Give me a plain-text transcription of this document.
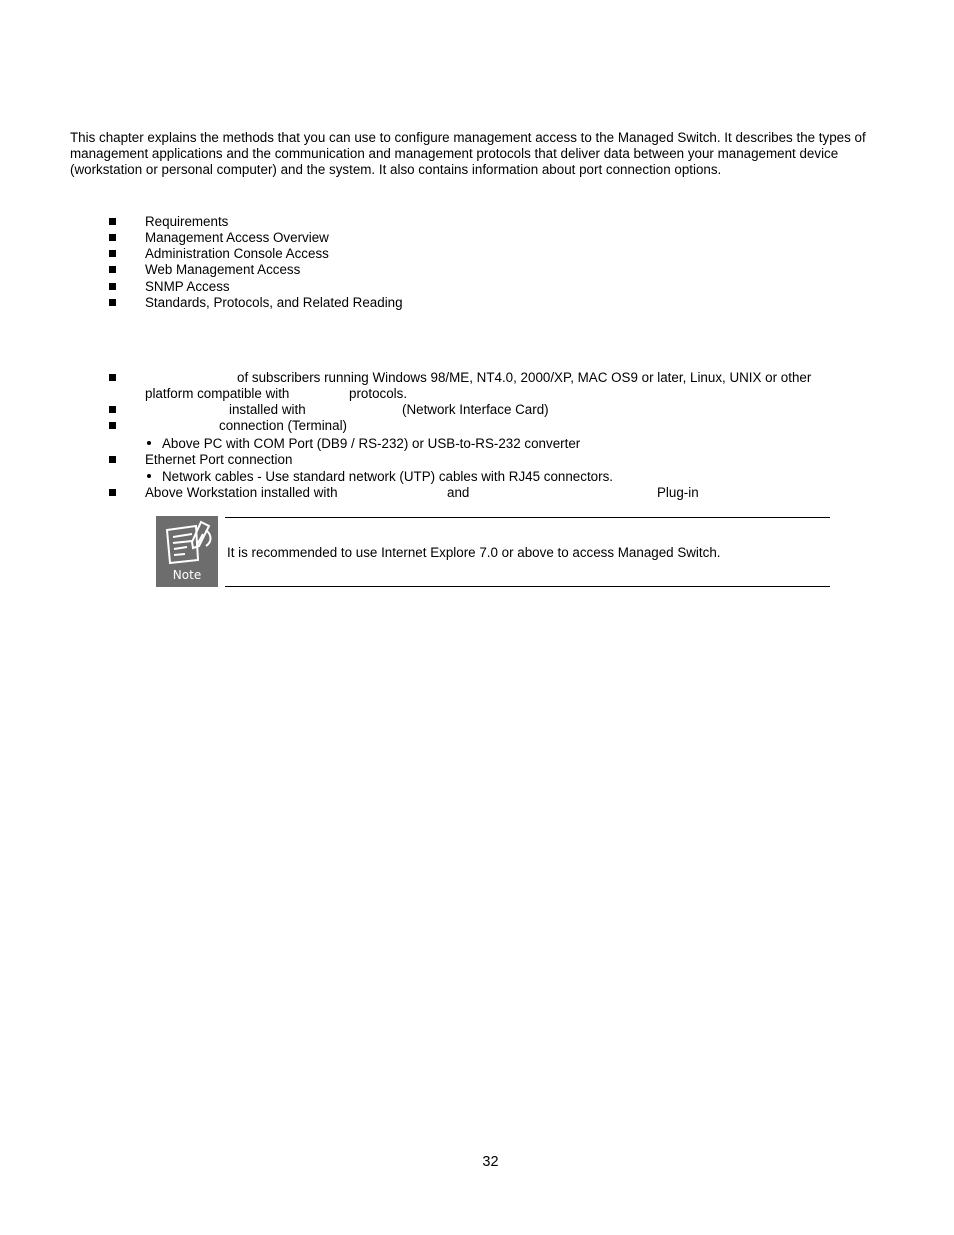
This chapter explains the methods that you can use to configure management access to the Managed Switch. It describes the types of management applications and the communication and management protocols that deliver data between your management device (workstation or personal computer) and the system. It also contains information about port connection options.

Requirements
Management Access Overview
Administration Console Access
Web Management Access
SNMP Access
Standards, Protocols, and Related Reading
of subscribers running Windows 98/ME, NT4.0, 2000/XP, MAC OS9 or later, Linux, UNIX or other
platform compatible with	protocols.
installed with	(Network Interface Card)
connection (Terminal)
Above PC with COM Port (DB9 / RS-232) or USB-to-RS-232 converter
Ethernet Port connection
Network cables - Use standard network (UTP) cables with RJ45 connectors.
Above Workstation installed with	and	Plug-in
Note
It is recommended to use Internet Explore 7.0 or above to access Managed Switch.
32
